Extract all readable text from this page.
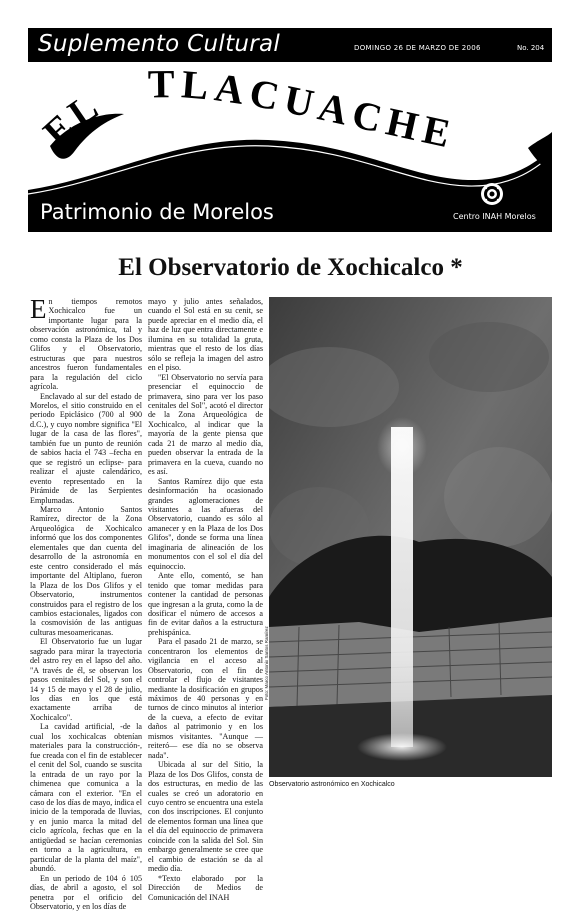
Suplemento Cultural	DOMINGO 26 DE MARZO DE 2006	No. 204
EL
TLACUACHE
Patrimonio de Morelos	Centro INAH Morelos
El Observatorio de Xochicalco *

En tiempos remotos Xochicalco fue un importante lugar para la observación astronómica, tal y como consta la Plaza de los Dos Glifos y el Observatorio, estructuras que para nuestros ancestros fueron fundamentales para la regulación del ciclo agrícola.

Enclavado al sur del estado de Morelos, el sitio construido en el periodo Epiclásico (700 al 900 d.C.), y cuyo nombre significa "El lugar de la casa de las flores", también fue un punto de reunión de sabios hacia el 743 –fecha en que se registró un eclipse- para realizar el ajuste calendárico, evento representado en la Pirámide de las Serpientes Emplumadas.

Marco Antonio Santos Ramírez, director de la Zona Arqueológica de Xochicalco informó que los dos componentes elementales que dan cuenta del desarrollo de la astronomía en este centro considerado el más importante del Altiplano, fueron la Plaza de los Dos Glifos y el Observatorio, instrumentos construidos para el registro de los cambios estacionales, ligados con la cosmovisión de las antiguas culturas mesoamericanas.

El Observatorio fue un lugar sagrado para mirar la trayectoria del astro rey en el lapso del año. "A través de él, se observan los pasos cenitales del Sol, y son el 14 y 15 de mayo y el 28 de julio, los días en los que está exactamente arriba de Xochicalco".

La cavidad artificial, -de la cual los xochicalcas obtenían materiales para la construcción-, fue creada con el fin de establecer el cenit del Sol, cuando se suscita la entrada de un rayo por la chimenea que comunica a la cámara con el exterior. "En el caso de los días de mayo, indica el inicio de la temporada de lluvias, y en junio marca la mitad del ciclo agrícola, fechas que en la antigüedad se hacían ceremonias en torno a la agricultura, en particular de la planta del maíz", abundó.

En un periodo de 104 ó 105 días, de abril a agosto, el sol penetra por el orificio del Observatorio, y en los días de

mayo y julio antes señalados, cuando el Sol está en su cenit, se puede apreciar en el medio día, el haz de luz que entra directamente e ilumina en su totalidad la gruta, mientras que el resto de los días sólo se refleja la imagen del astro en el piso.

"El Observatorio no servía para presenciar el equinoccio de primavera, sino para ver los paso cenitales del Sol", acotó el director de la Zona Arqueológica de Xochicalco, al indicar que la mayoría de la gente piensa que cada 21 de marzo al medio día, pueden observar la entrada de la primavera en la cueva, cuando no es así.

Santos Ramírez dijo que esta desinformación ha ocasionado grandes aglomeraciones de visitantes a las afueras del Observatorio, cuando es sólo al amanecer y en la Plaza de los Dos Glifos", donde se forma una línea imaginaria de alineación de los monumentos con el sol el día del equinoccio.

Ante ello, comentó, se han tenido que tomar medidas para contener la cantidad de personas que ingresan a la gruta, como la de dosificar el número de accesos a fin de evitar daños a la estructura prehispánica.

Para el pasado 21 de marzo, se concentraron los elementos de vigilancia en el acceso al Observatorio, con el fin de controlar el flujo de visitantes mediante la dosificación en grupos máximos de 40 personas y en turnos de cinco minutos al interior de la cueva, a efecto de evitar daños al patrimonio y en los mismos visitantes. "Aunque —reiteró— ese día no se observa nada".

Ubicada al sur del Sitio, la Plaza de los Dos Glifos, consta de dos estructuras, en medio de las cuales se creó un adoratorio en cuyo centro se encuentra una estela con dos inscripciones. El conjunto de elementos forman una línea que el día del equinoccio de primavera coincide con la salida del Sol. Sin embargo generalmente se cree que el cambio de estación se da al medio día.

*Texto elaborado por la Dirección de Medios de Comunicación del INAH

Foto: Marco Antonio Santos Ramírez
Observatorio astronómico en Xochicalco
